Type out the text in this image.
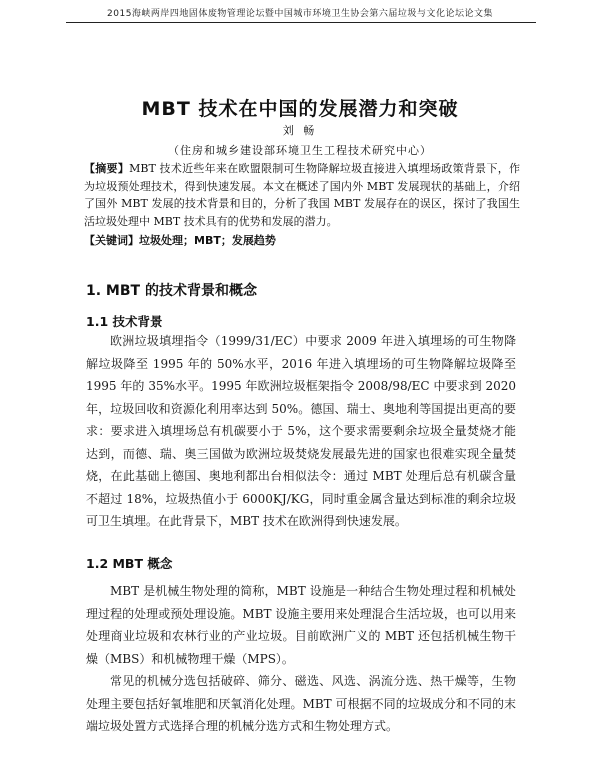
2015海峡两岸四地固体废物管理论坛暨中国城市环境卫生协会第六届垃圾与文化论坛论文集
MBT 技术在中国的发展潜力和突破
刘 畅
（住房和城乡建设部环境卫生工程技术研究中心）
【摘要】MBT 技术近些年来在欧盟限制可生物降解垃圾直接进入填埋场政策背景下，作为垃圾预处理技术，得到快速发展。本文在概述了国内外 MBT 发展现状的基础上，介绍了国外 MBT 发展的技术背景和目的，分析了我国 MBT 发展存在的误区，探讨了我国生活垃圾处理中 MBT 技术具有的优势和发展的潜力。
【关键词】垃圾处理；MBT；发展趋势
1. MBT 的技术背景和概念
1.1 技术背景
欧洲垃圾填埋指令（1999/31/EC）中要求 2009 年进入填埋场的可生物降解垃圾降至 1995 年的 50%水平，2016 年进入填埋场的可生物降解垃圾降至 1995 年的 35%水平。1995 年欧洲垃圾框架指令 2008/98/EC 中要求到 2020 年，垃圾回收和资源化利用率达到 50%。德国、瑞士、奥地利等国提出更高的要求：要求进入填埋场总有机碳要小于 5%，这个要求需要剩余垃圾全量焚烧才能达到，而德、瑞、奥三国做为欧洲垃圾焚烧发展最先进的国家也很难实现全量焚烧，在此基础上德国、奥地利都出台相似法令：通过 MBT 处理后总有机碳含量不超过 18%，垃圾热值小于 6000KJ/KG，同时重金属含量达到标准的剩余垃圾可卫生填埋。在此背景下，MBT 技术在欧洲得到快速发展。
1.2 MBT 概念
MBT 是机械生物处理的简称，MBT 设施是一种结合生物处理过程和机械处理过程的处理或预处理设施。MBT 设施主要用来处理混合生活垃圾，也可以用来处理商业垃圾和农林行业的产业垃圾。目前欧洲广义的 MBT 还包括机械生物干燥（MBS）和机械物理干燥（MPS）。
常见的机械分选包括破碎、筛分、磁选、风选、涡流分选、热干燥等，生物处理主要包括好氧堆肥和厌氧消化处理。MBT 可根据不同的垃圾成分和不同的末端垃圾处置方式选择合理的机械分选方式和生物处理方式。
